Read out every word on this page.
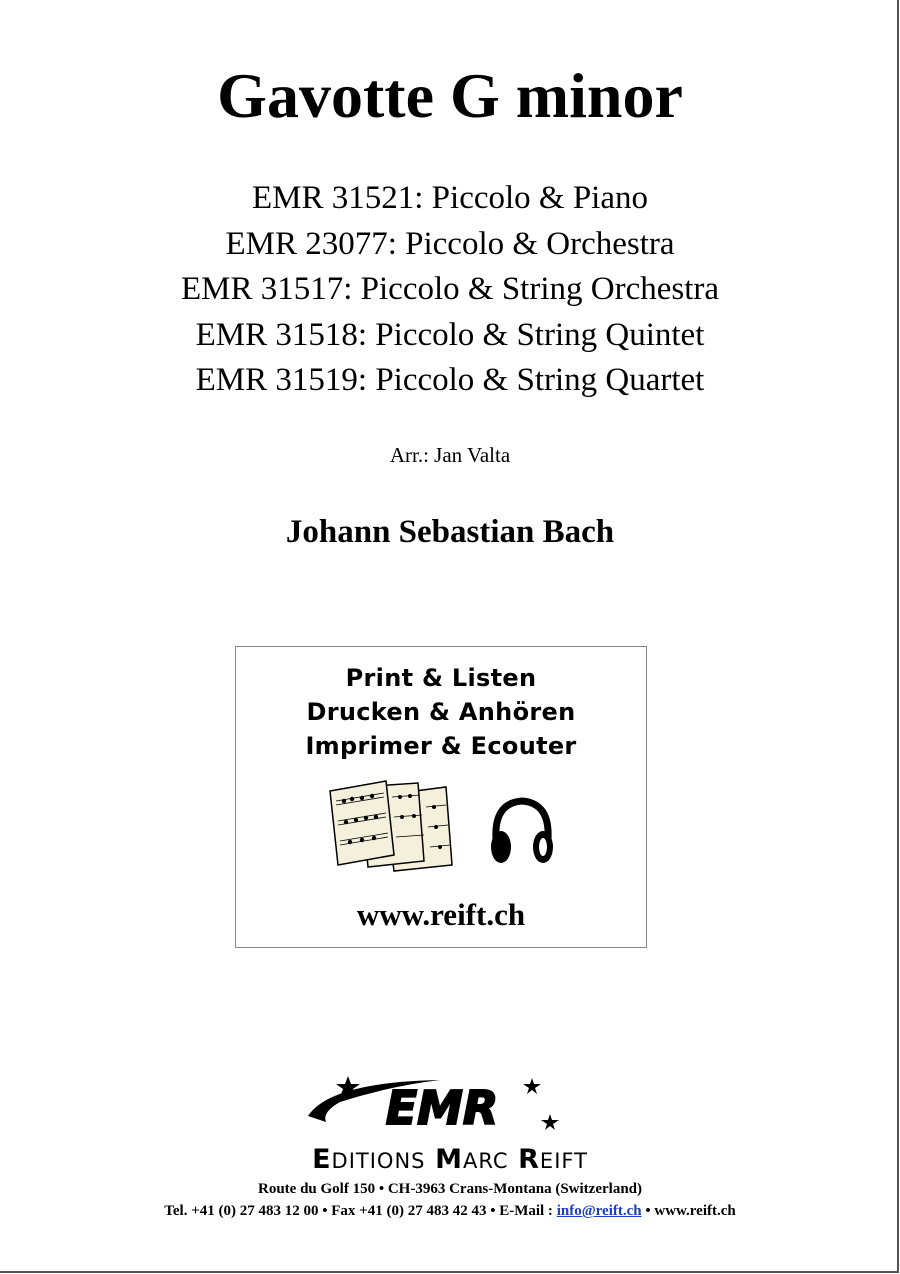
Gavotte G minor
EMR 31521: Piccolo & Piano
EMR 23077: Piccolo & Orchestra
EMR 31517: Piccolo & String Orchestra
EMR 31518: Piccolo & String Quintet
EMR 31519: Piccolo & String Quartet
Arr.: Jan Valta
Johann Sebastian Bach
Print & Listen
Drucken & Anhören
Imprimer & Ecouter
www.reift.ch
EMR
EDITIONS MARC REIFT
Route du Golf 150 • CH-3963 Crans-Montana (Switzerland)
Tel. +41 (0) 27 483 12 00 • Fax +41 (0) 27 483 42 43 • E-Mail : info@reift.ch • www.reift.ch
